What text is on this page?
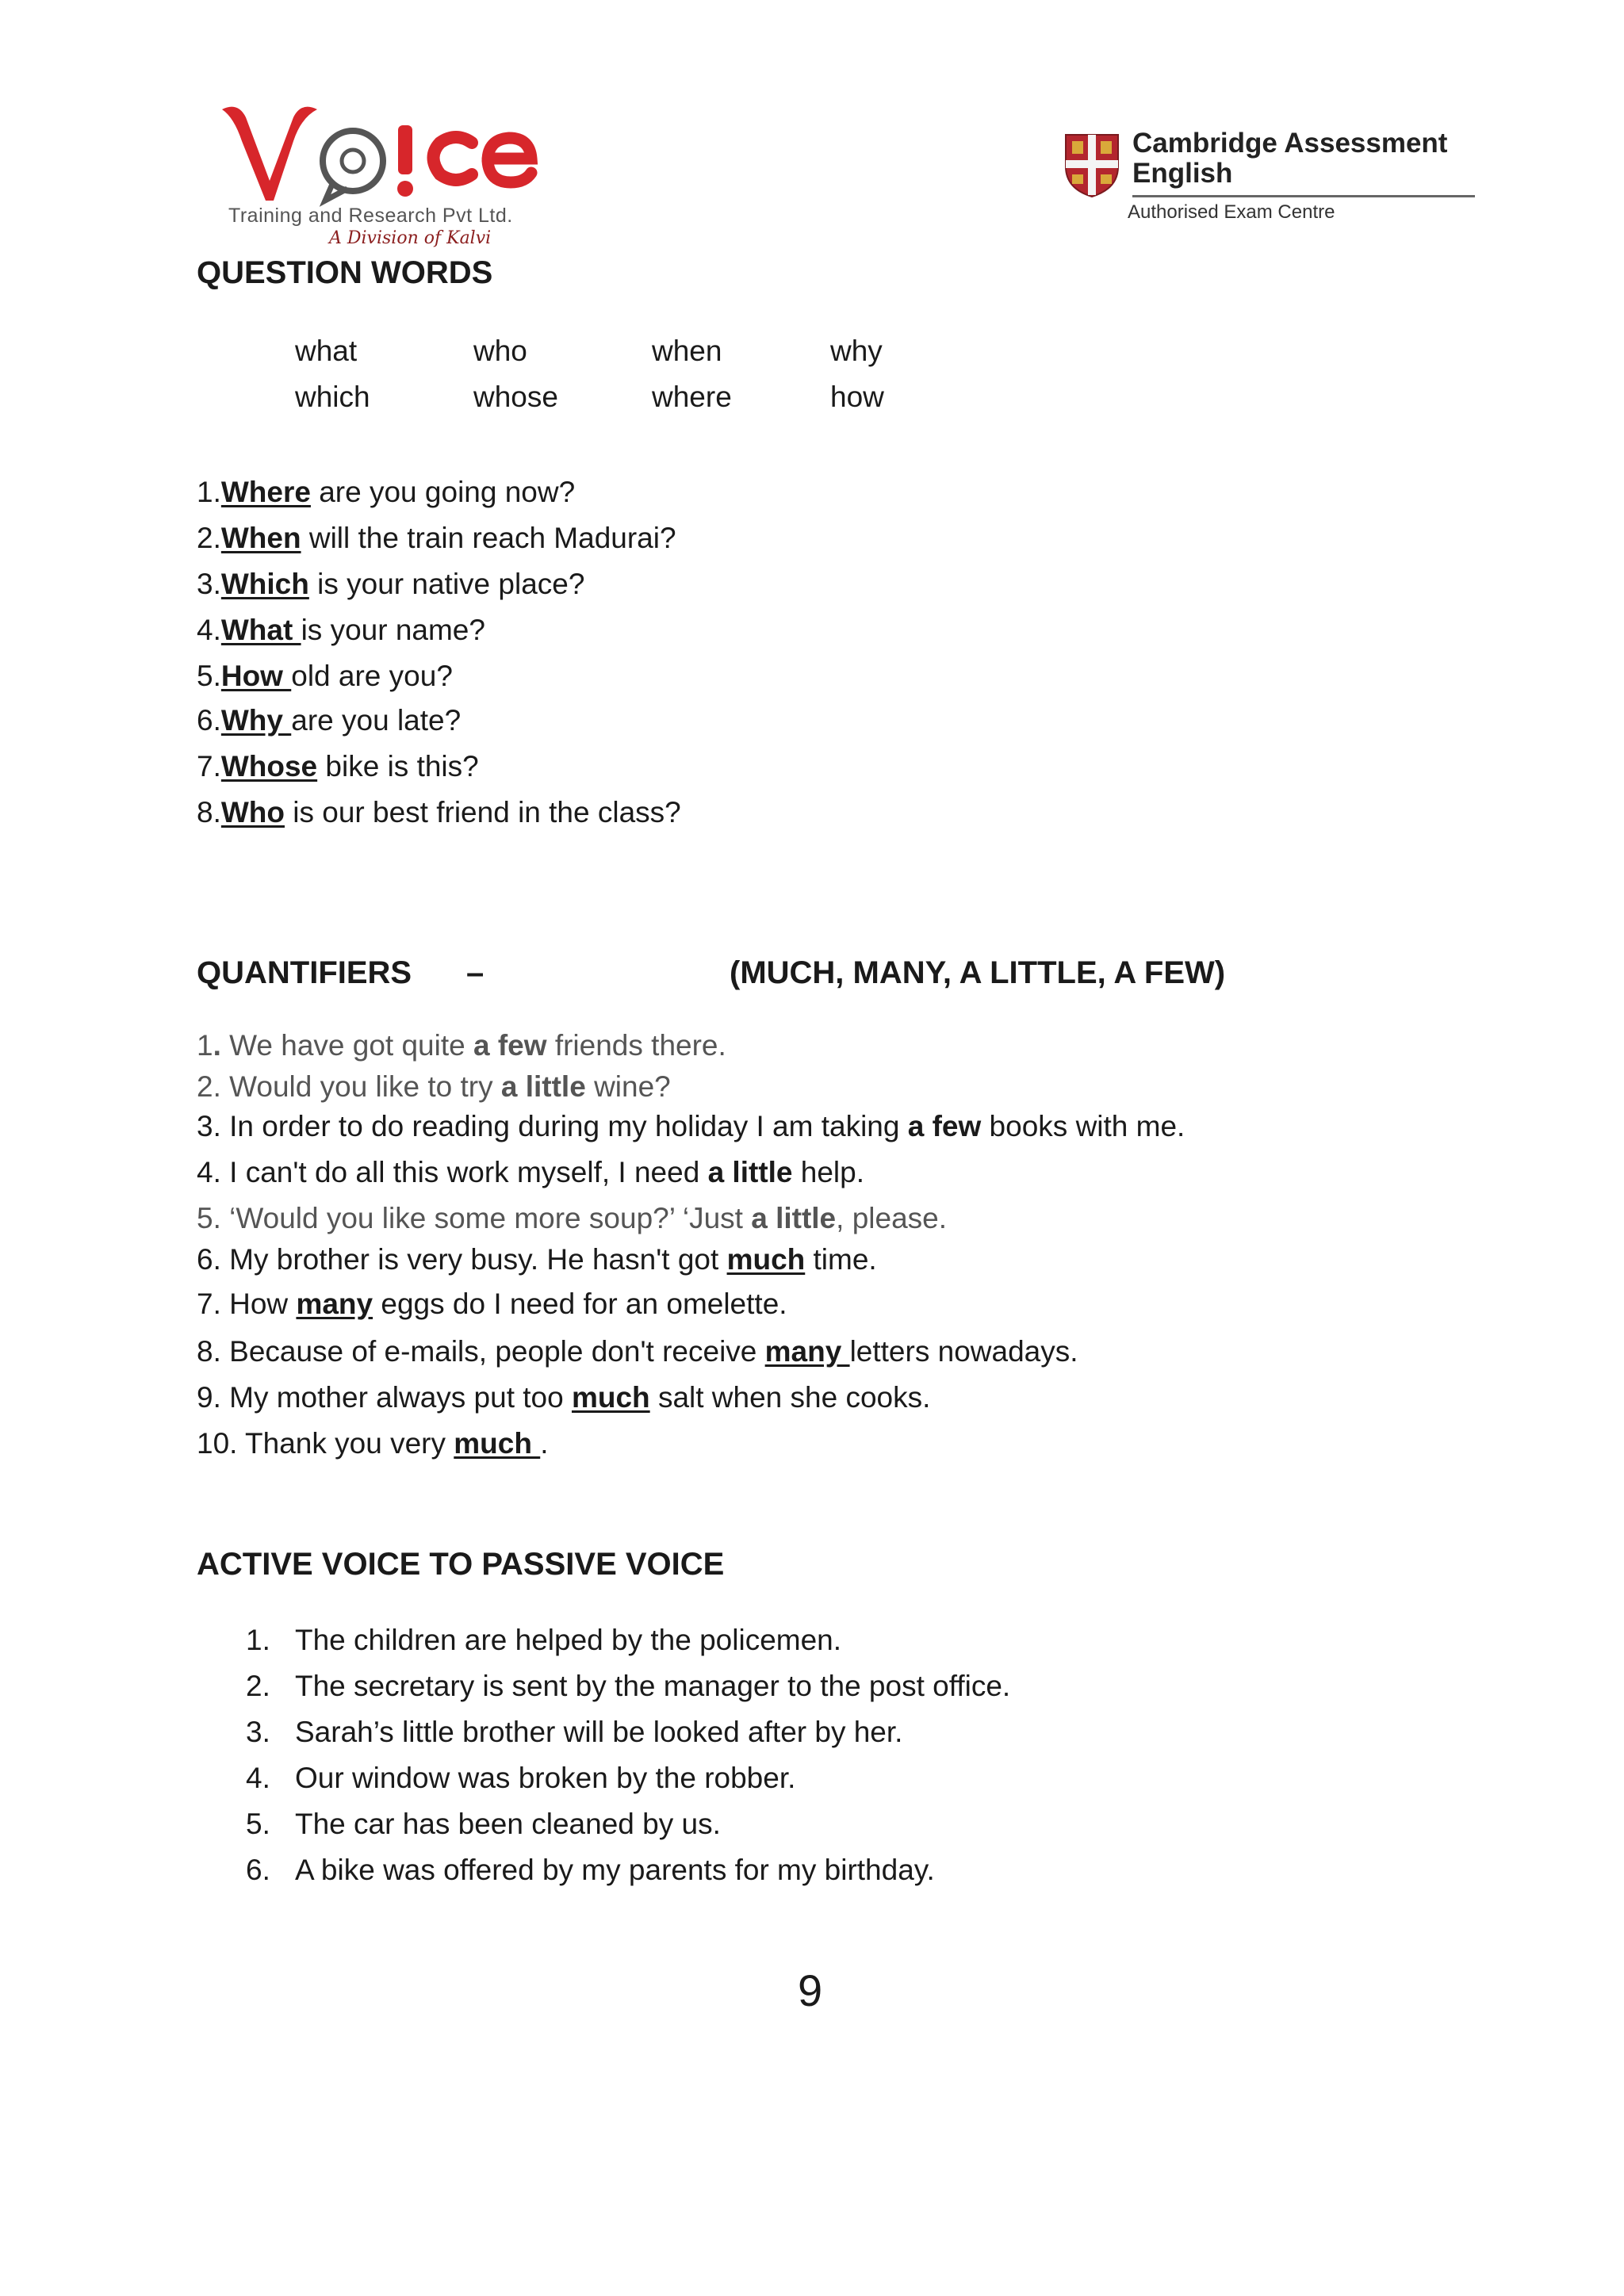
Training and Research Pvt Ltd.
A Division of Kalvi
Cambridge Assessment
English
Authorised Exam Centre
QUESTION WORDS
what	who	when	why
which	whose	where	how
1.Where are you going now?
2.When will the train reach Madurai?
3.Which is your native place?
4.What is your name?
5.How old are you?
6.Why are you late?
7.Whose bike is this?
8.Who is our best friend in the class?
QUANTIFIERS –	(MUCH, MANY, A LITTLE, A FEW)
1. We have got quite a few friends there.
2. Would you like to try a little wine?
3. In order to do reading during my holiday I am taking a few books with me.
4. I can't do all this work myself, I need a little help.
5. ‘Would you like some more soup?’ ‘Just a little, please.
6. My brother is very busy. He hasn't got much time.
7. How many eggs do I need for an omelette.
8. Because of e-mails, people don't receive many letters nowadays.
9. My mother always put too much salt when she cooks.
10. Thank you very much .
ACTIVE VOICE TO PASSIVE VOICE
1. The children are helped by the policemen.
2. The secretary is sent by the manager to the post office.
3. Sarah’s little brother will be looked after by her.
4. Our window was broken by the robber.
5. The car has been cleaned by us.
6. A bike was offered by my parents for my birthday.
9
